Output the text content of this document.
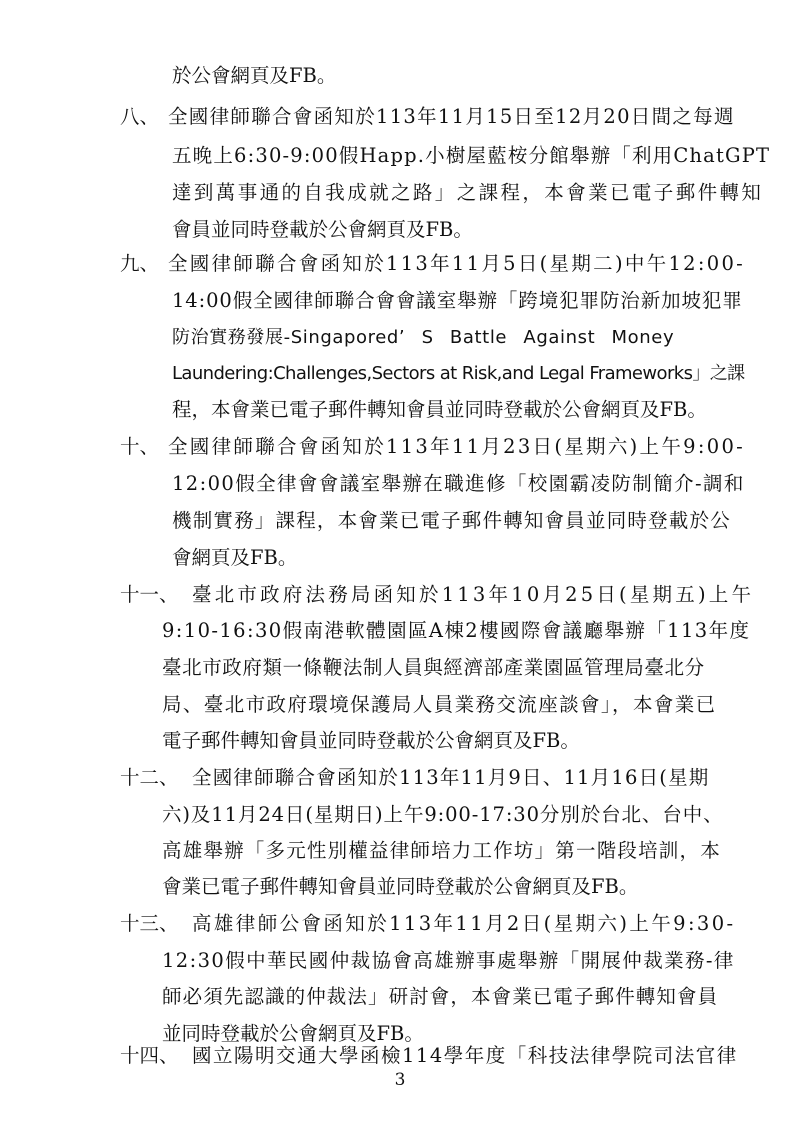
於公會網頁及FB。
八、 全國律師聯合會函知於113年11月15日至12月20日間之每週
五晚上6:30-9:00假Happ.小樹屋藍桉分館舉辦「利用ChatGPT
達到萬事通的自我成就之路」之課程，本會業已電子郵件轉知
會員並同時登載於公會網頁及FB。
九、 全國律師聯合會函知於113年11月5日(星期二)中午12:00-
14:00假全國律師聯合會會議室舉辦「跨境犯罪防治新加坡犯罪
防治實務發展-Singapored’ S Battle Against Money
Laundering:Challenges,Sectors at Risk,and Legal Frameworks」之課
程，本會業已電子郵件轉知會員並同時登載於公會網頁及FB。
十、 全國律師聯合會函知於113年11月23日(星期六)上午9:00-
12:00假全律會會議室舉辦在職進修「校園霸凌防制簡介-調和
機制實務」課程，本會業已電子郵件轉知會員並同時登載於公
會網頁及FB。
十一、 臺北市政府法務局函知於113年10月25日(星期五)上午
9:10-16:30假南港軟體園區A棟2樓國際會議廳舉辦「113年度
臺北市政府類一條鞭法制人員與經濟部產業園區管理局臺北分
局、臺北市政府環境保護局人員業務交流座談會」，本會業已
電子郵件轉知會員並同時登載於公會網頁及FB。
十二、 全國律師聯合會函知於113年11月9日、11月16日(星期
六)及11月24日(星期日)上午9:00-17:30分別於台北、台中、
高雄舉辦「多元性別權益律師培力工作坊」第一階段培訓，本
會業已電子郵件轉知會員並同時登載於公會網頁及FB。
十三、 高雄律師公會函知於113年11月2日(星期六)上午9:30-
12:30假中華民國仲裁協會高雄辦事處舉辦「開展仲裁業務-律
師必須先認識的仲裁法」研討會，本會業已電子郵件轉知會員
並同時登載於公會網頁及FB。
十四、 國立陽明交通大學函檢114學年度「科技法律學院司法官律
3
